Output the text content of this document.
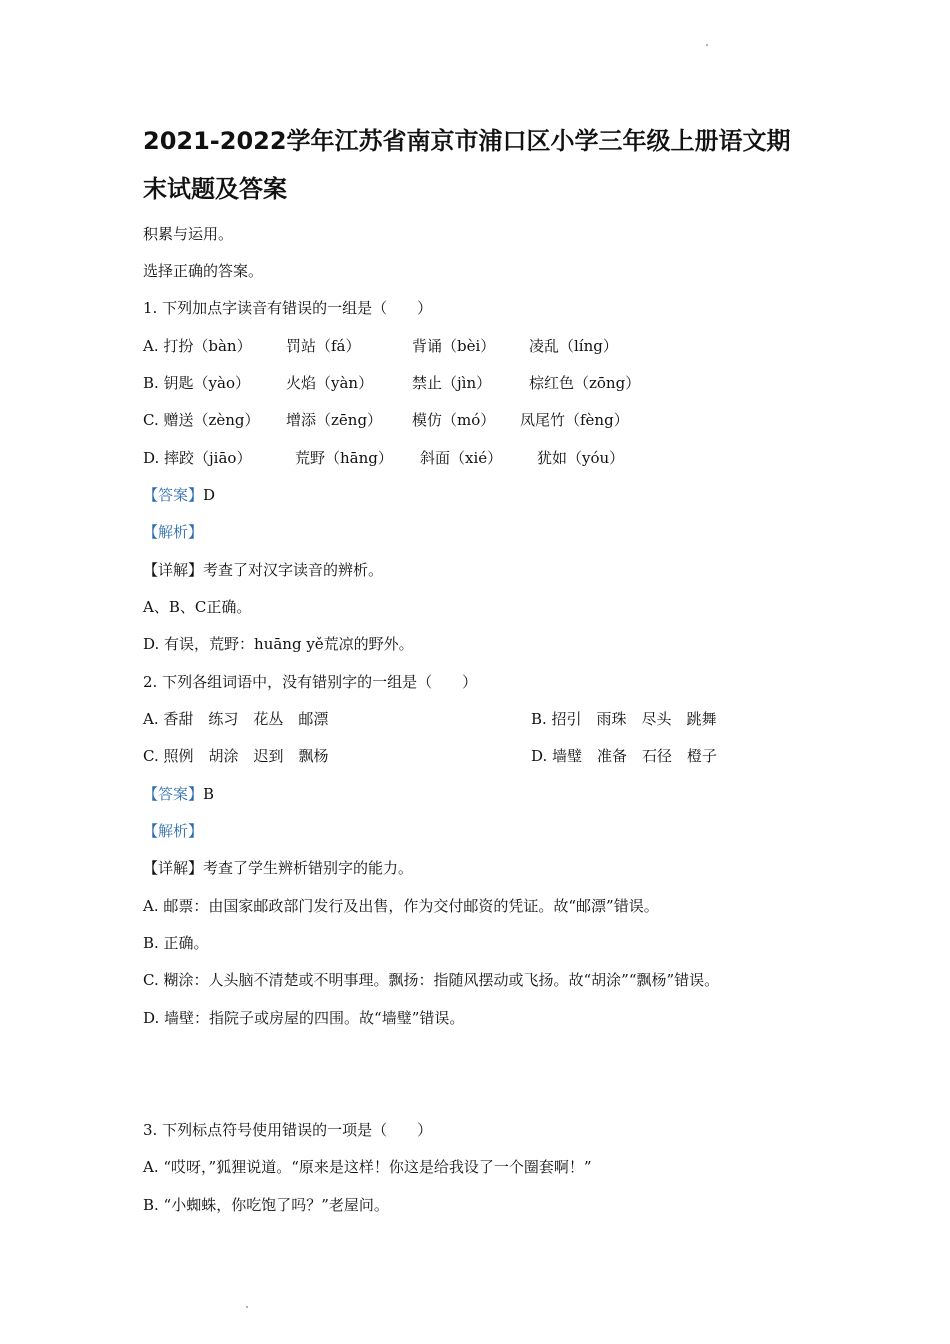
2021-2022学年江苏省南京市浦口区小学三年级上册语文期
末试题及答案

积累与运用。

选择正确的答案。

1. 下列加点字读音有错误的一组是（　　）

A. 打扮（bàn） 罚站（fá）	背诵（bèi） 凌乱（líng）
B. 钥匙（yào） 火焰（yàn）	禁止（jìn）	棕红色（zōng）
C. 赠送（zèng） 增添（zēng） 模仿（mó） 凤尾竹（fèng）
D. 摔跤（jiāo）	荒野（hāng） 斜面（xié） 犹如（yóu）
【答案】D

【解析】

【详解】考查了对汉字读音的辨析。

A、B、C正确。

D. 有误，荒野：huāng yě荒凉的野外。

2. 下列各组词语中，没有错别字的一组是（　　）

A. 香甜　练习　花丛　邮漂	B. 招引　雨珠　尽头　跳舞

C. 照例　胡涂　迟到　飘杨	D. 墙璧　准备　石径　橙子

【答案】B

【解析】

【详解】考查了学生辨析错别字的能力。

A. 邮票：由国家邮政部门发行及出售，作为交付邮资的凭证。故“邮漂”错误。

B. 正确。

C. 糊涂：人头脑不清楚或不明事理。飘扬：指随风摆动或飞扬。故“胡涂”“飘杨”错误。

D. 墙壁：指院子或房屋的四围。故“墙璧”错误。

3. 下列标点符号使用错误的一项是（　　）

A. “哎呀，”狐狸说道。“原来是这样！你这是给我设了一个圈套啊！”

B. “小蜘蛛，你吃饱了吗？”老屋问。
